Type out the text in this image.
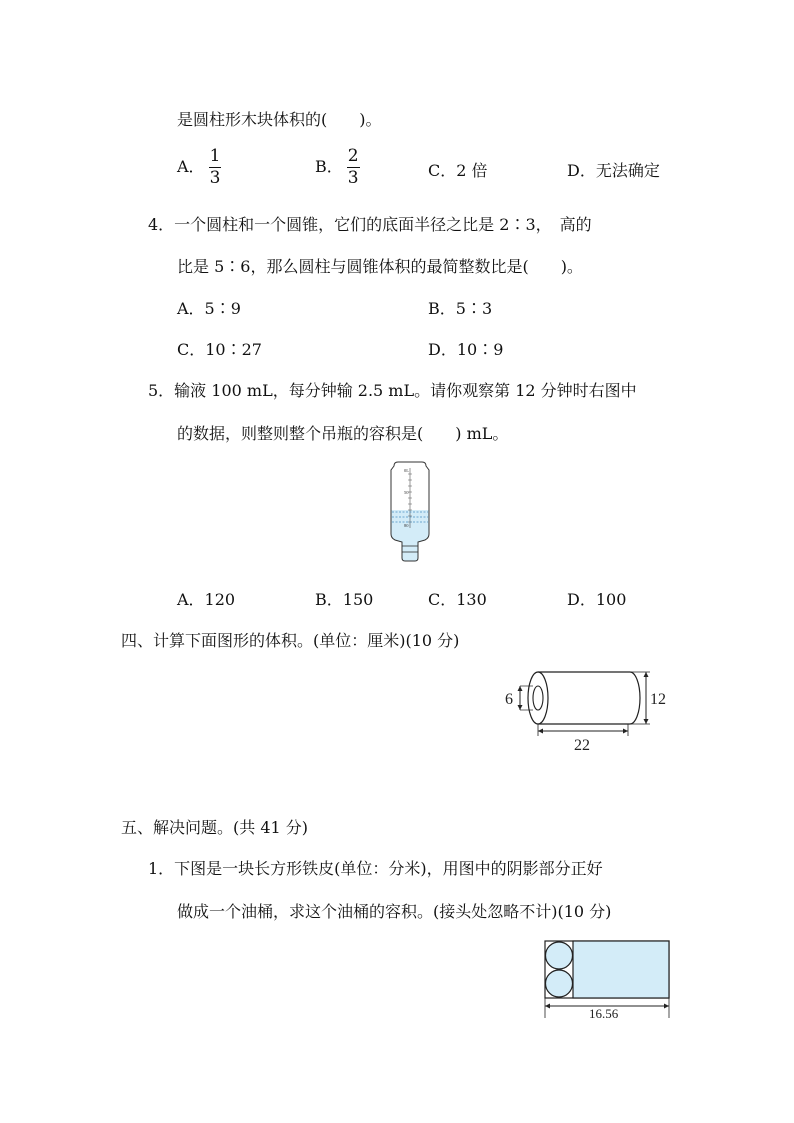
是圆柱形木块体积的(　　)。
A． $\frac{1}{3}$	B． $\frac{2}{3}$	C．2 倍	D．无法确定
4．一个圆柱和一个圆锥，它们的底面半径之比是 2∶3，　高的
比是 5∶6，那么圆柱与圆锥体积的最简整数比是(　　)。
A．5∶9	B．5∶3
C．10∶27	D．10∶9
5．输液 100 mL，每分钟输 2.5 mL。请你观察第 12 分钟时右图中
的数据，则整则整个吊瓶的容积是(　　) mL。
0L
50
80
A．120	B．150	C．130	D．100
四、计算下面图形的体积。(单位：厘米)(10 分)
6	12
22
五、解决问题。(共 41 分)
1．下图是一块长方形铁皮(单位：分米)，用图中的阴影部分正好
做成一个油桶，求这个油桶的容积。(接头处忽略不计)(10 分)
16.56
